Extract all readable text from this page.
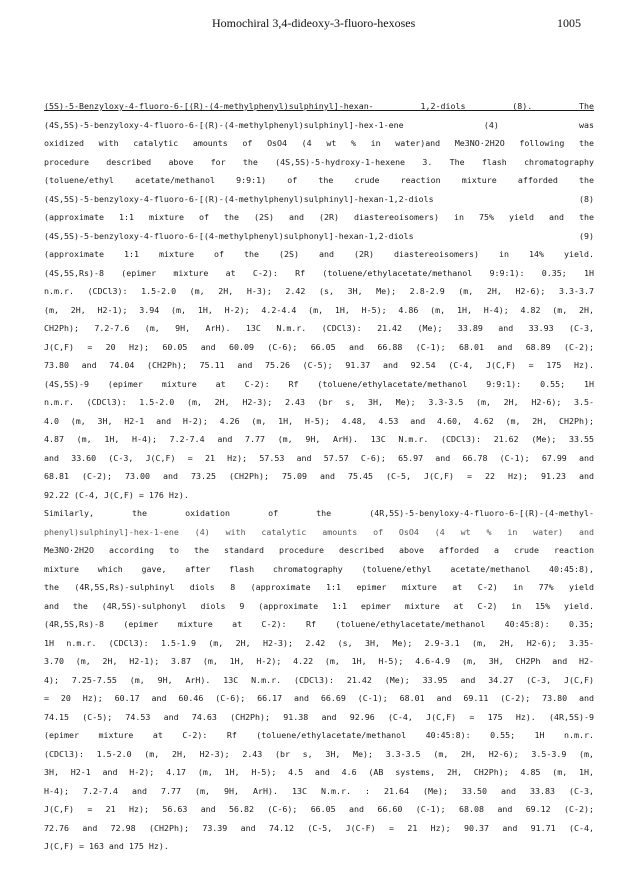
Homochiral 3,4-dideoxy-3-fluoro-hexoses	1005
(5S)-5-Benzyloxy-4-fluoro-6-[(R)-(4-methylphenyl)sulphinyl]-hexan- 1,2-diols (8). The
(4S,5S)-5-benzyloxy-4-fluoro-6-[(R)-(4-methylphenyl)sulphinyl]-hex-1-ene (4) was
oxidized with catalytic amounts of OsO4 (4 wt % in water)and Me3NO·2H2O following the
procedure described above for the (4S,5S)-5-hydroxy-1-hexene 3. The flash chromatography
(toluene/ethyl acetate/methanol 9:9:1) of the crude reaction mixture afforded the
(4S,5S)-5-benzyloxy-4-fluoro-6-[(R)-(4-methylphenyl)sulphinyl]-hexan-1,2-diols (8)
(approximate 1:1 mixture of the (2S) and (2R) diastereoisomers) in 75% yield and the
(4S,5S)-5-benzyloxy-4-fluoro-6-[(4-methylphenyl)sulphonyl]-hexan-1,2-diols (9)
(approximate 1:1 mixture of the (2S) and (2R) diastereoisomers) in 14% yield.
(4S,5S,Rs)-8 (epimer mixture at C-2): Rf (toluene/ethylacetate/methanol 9:9:1): 0.35; 1H
n.m.r. (CDCl3): 1.5-2.0 (m, 2H, H-3); 2.42 (s, 3H, Me); 2.8-2.9 (m, 2H, H2-6); 3.3-3.7
(m, 2H, H2-1); 3.94 (m, 1H, H-2); 4.2-4.4 (m, 1H, H-5); 4.86 (m, 1H, H-4); 4.82 (m, 2H,
CH2Ph); 7.2-7.6 (m, 9H, ArH). 13C N.m.r. (CDCl3): 21.42 (Me); 33.89 and 33.93 (C-3,
J(C,F) = 20 Hz); 60.05 and 60.09 (C-6); 66.05 and 66.88 (C-1); 68.01 and 68.89 (C-2);
73.80 and 74.04 (CH2Ph); 75.11 and 75.26 (C-5); 91.37 and 92.54 (C-4, J(C,F) = 175 Hz).
(4S,5S)-9 (epimer mixture at C-2): Rf (toluene/ethylacetate/methanol 9:9:1): 0.55; 1H
n.m.r. (CDCl3): 1.5-2.0 (m, 2H, H2-3); 2.43 (br s, 3H, Me); 3.3-3.5 (m, 2H, H2-6); 3.5-
4.0 (m, 3H, H2-1 and H-2); 4.26 (m, 1H, H-5); 4.48, 4.53 and 4.60, 4.62 (m, 2H, CH2Ph);
4.87 (m, 1H, H-4); 7.2-7.4 and 7.77 (m, 9H, ArH). 13C N.m.r. (CDCl3): 21.62 (Me); 33.55
and 33.60 (C-3, J(C,F) = 21 Hz); 57.53 and 57.57 C-6); 65.97 and 66.78 (C-1); 67.99 and
68.81 (C-2); 73.00 and 73.25 (CH2Ph); 75.09 and 75.45 (C-5, J(C,F) = 22 Hz); 91.23 and
92.22 (C-4, J(C,F) = 176 Hz).
Similarly, the oxidation of the (4R,5S)-5-benyloxy-4-fluoro-6-[(R)-(4-methyl-
phenyl)sulphinyl]-hex-1-ene (4) with catalytic amounts of OsO4 (4 wt % in water) and
Me3NO·2H2O according to the standard procedure described above afforded a crude reaction
mixture which gave, after flash chromatography (toluene/ethyl acetate/methanol 40:45:8),
the (4R,5S,Rs)-sulphinyl diols 8 (approximate 1:1 epimer mixture at C-2) in 77% yield
and the (4R,5S)-sulphonyl diols 9 (approximate 1:1 epimer mixture at C-2) in 15% yield.
(4R,5S,Rs)-8 (epimer mixture at C-2): Rf (toluene/ethylacetate/methanol 40:45:8): 0.35;
1H n.m.r. (CDCl3): 1.5-1.9 (m, 2H, H2-3); 2.42 (s, 3H, Me); 2.9-3.1 (m, 2H, H2-6); 3.35-
3.70 (m, 2H, H2-1); 3.87 (m, 1H, H-2); 4.22 (m, 1H, H-5); 4.6-4.9 (m, 3H, CH2Ph and H2-
4); 7.25-7.55 (m, 9H, ArH). 13C N.m.r. (CDCl3): 21.42 (Me); 33.95 and 34.27 (C-3, J(C,F)
= 20 Hz); 60.17 and 60.46 (C-6); 66.17 and 66.69 (C-1); 68.01 and 69.11 (C-2); 73.80 and
74.15 (C-5); 74.53 and 74.63 (CH2Ph); 91.38 and 92.96 (C-4, J(C,F) = 175 Hz). (4R,5S)-9
(epimer mixture at C-2): Rf (toluene/ethylacetate/methanol 40:45:8): 0.55; 1H n.m.r.
(CDCl3): 1.5-2.0 (m, 2H, H2-3); 2.43 (br s, 3H, Me); 3.3-3.5 (m, 2H, H2-6); 3.5-3.9 (m,
3H, H2-1 and H-2); 4.17 (m, 1H, H-5); 4.5 and 4.6 (AB systems, 2H, CH2Ph); 4.85 (m, 1H,
H-4); 7.2-7.4 and 7.77 (m, 9H, ArH). 13C N.m.r. : 21.64 (Me); 33.50 and 33.83 (C-3,
J(C,F) = 21 Hz); 56.63 and 56.82 (C-6); 66.05 and 66.60 (C-1); 68.08 and 69.12 (C-2);
72.76 and 72.98 (CH2Ph); 73.39 and 74.12 (C-5, J(C-F) = 21 Hz); 90.37 and 91.71 (C-4,
J(C,F) = 163 and 175 Hz).
